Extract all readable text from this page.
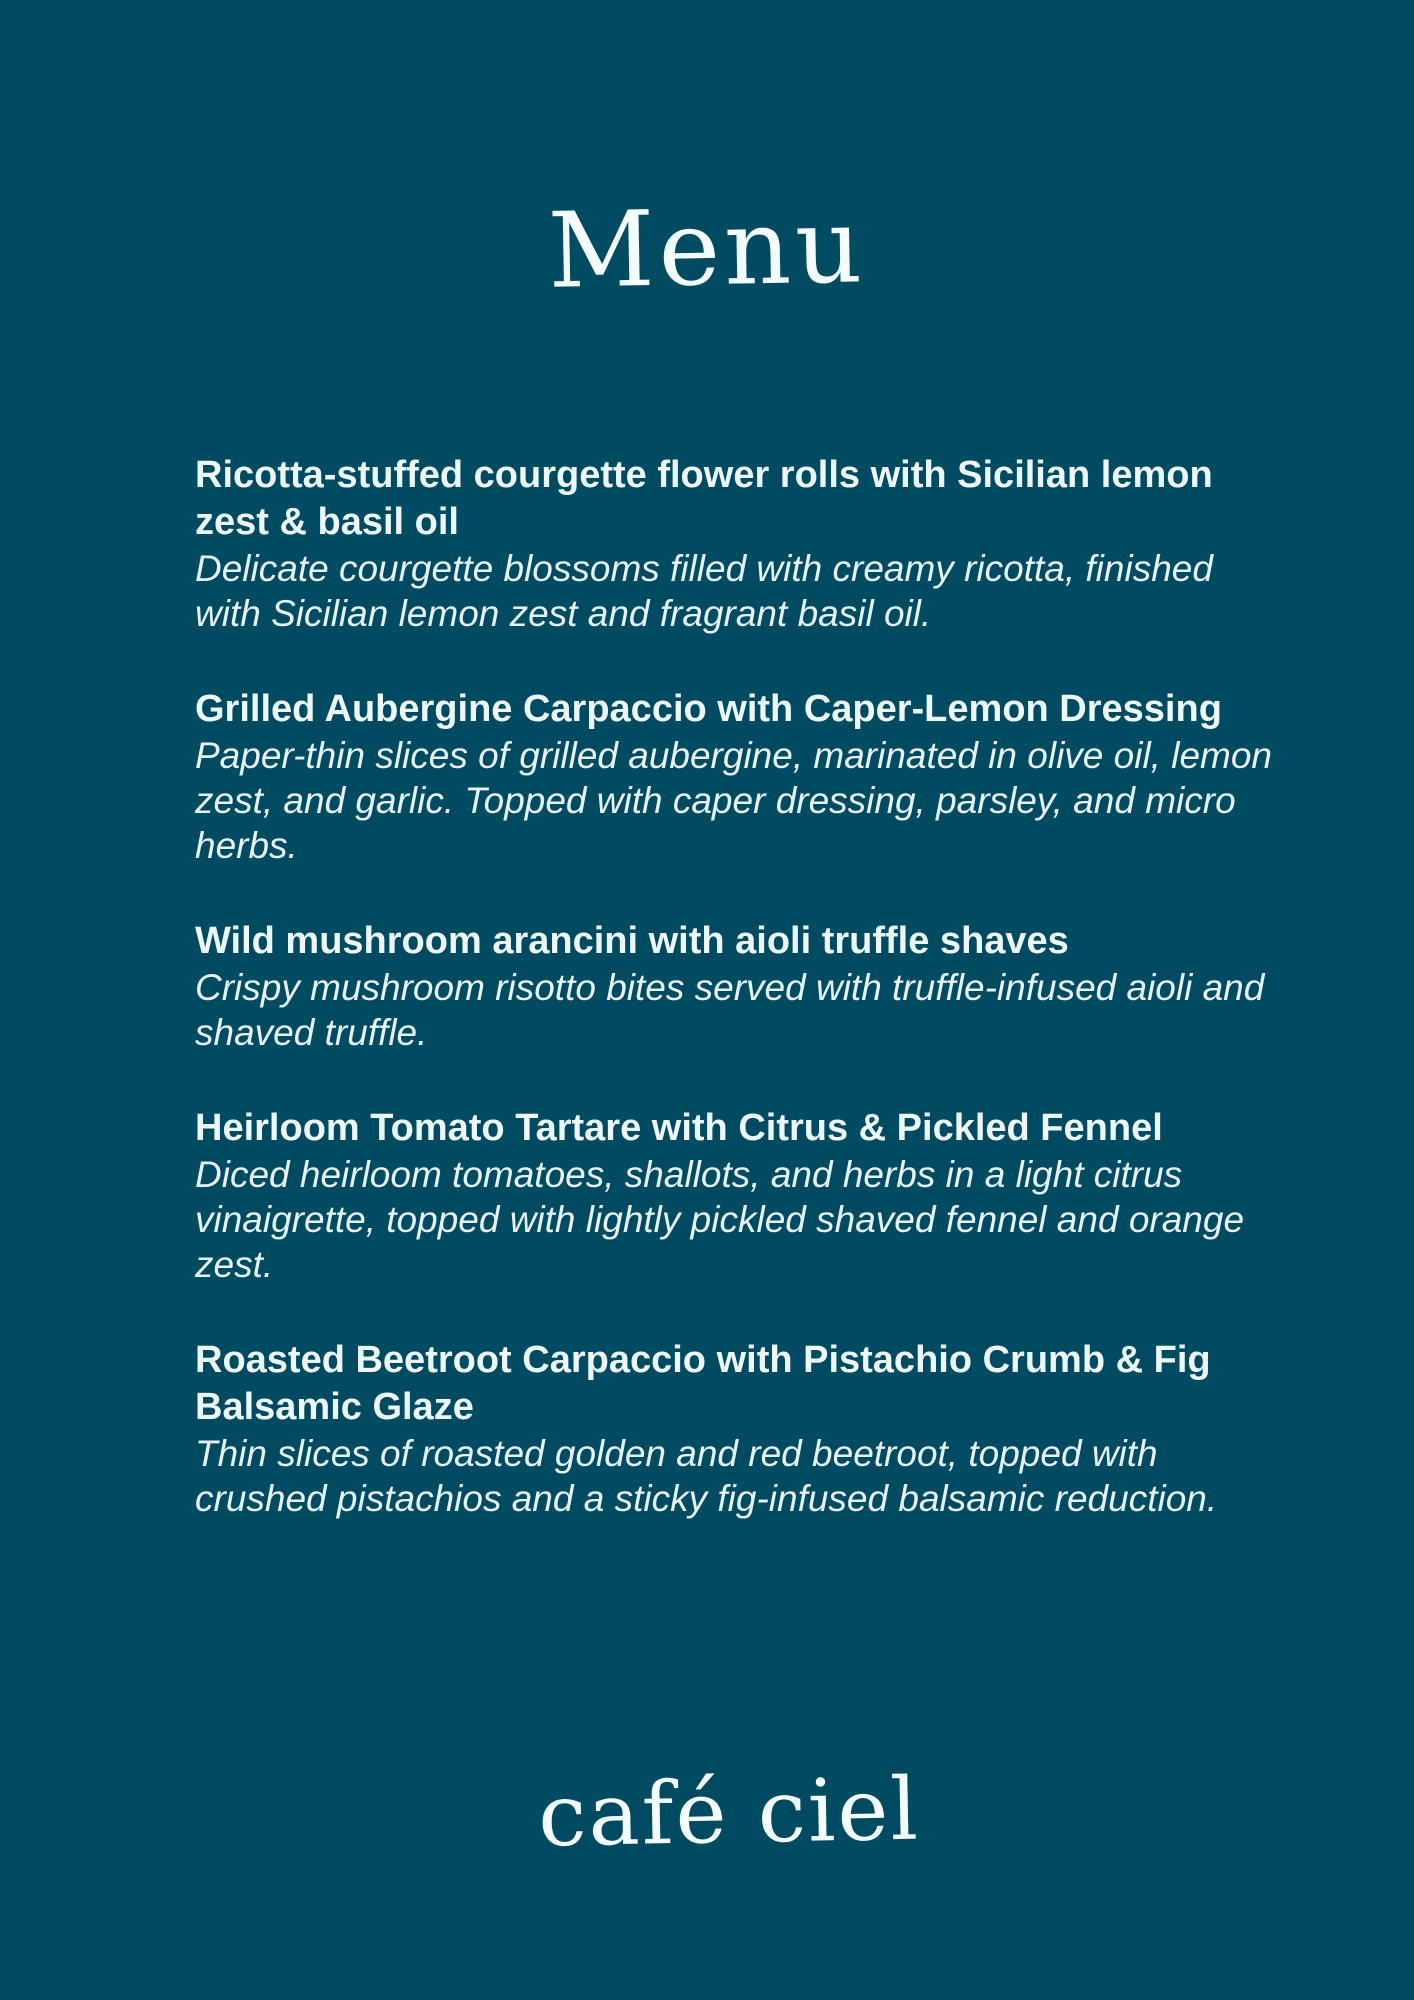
Menu

Ricotta-stuffed courgette flower rolls with Sicilian lemon zest & basil oil

Delicate courgette blossoms filled with creamy ricotta, finished with Sicilian lemon zest and fragrant basil oil.

Grilled Aubergine Carpaccio with Caper-Lemon Dressing

Paper-thin slices of grilled aubergine, marinated in olive oil, lemon zest, and garlic. Topped with caper dressing, parsley, and micro herbs.

Wild mushroom arancini with aioli truffle shaves

Crispy mushroom risotto bites served with truffle-infused aioli and shaved truffle.

Heirloom Tomato Tartare with Citrus & Pickled Fennel

Diced heirloom tomatoes, shallots, and herbs in a light citrus vinaigrette, topped with lightly pickled shaved fennel and orange zest.

Roasted Beetroot Carpaccio with Pistachio Crumb & Fig Balsamic Glaze

Thin slices of roasted golden and red beetroot, topped with crushed pistachios and a sticky fig-infused balsamic reduction.

café ciel
